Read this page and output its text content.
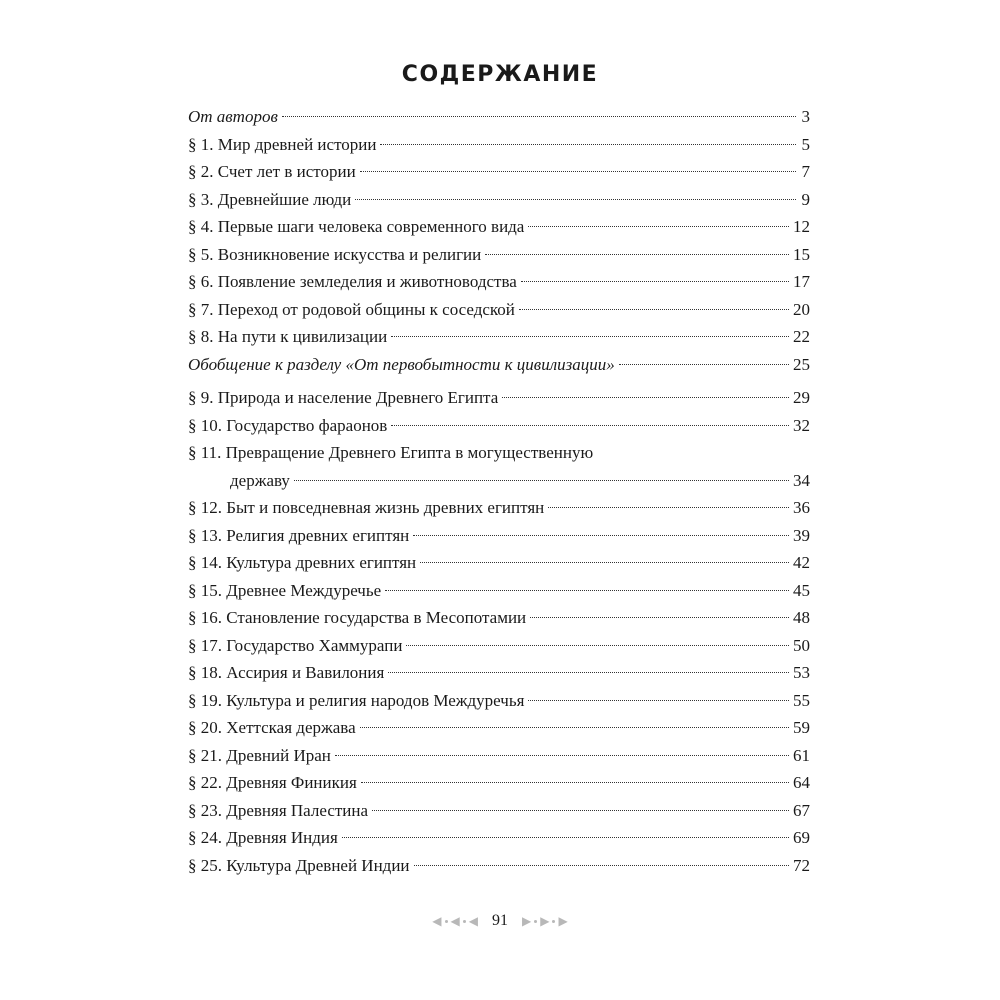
СОДЕРЖАНИЕ
От авторов	3
§ 1. Мир древней истории	5
§ 2. Счет лет в истории	7
§ 3. Древнейшие люди	9
§ 4. Первые шаги человека современного вида	12
§ 5. Возникновение искусства и религии	15
§ 6. Появление земледелия и животноводства	17
§ 7. Переход от родовой общины к соседской	20
§ 8. На пути к цивилизации	22
Обобщение к разделу «От первобытности к цивилизации»	25
§ 9. Природа и население Древнего Египта	29
§ 10. Государство фараонов	32
§ 11. Превращение Древнего Египта в могущественную
державу	34
§ 12. Быт и повседневная жизнь древних египтян	36
§ 13. Религия древних египтян	39
§ 14. Культура древних египтян	42
§ 15. Древнее Междуречье	45
§ 16. Становление государства в Месопотамии	48
§ 17. Государство Хаммурапи	50
§ 18. Ассирия и Вавилония	53
§ 19. Культура и религия народов Междуречья	55
§ 20. Хеттская держава	59
§ 21. Древний Иран	61
§ 22. Древняя Финикия	64
§ 23. Древняя Палестина	67
§ 24. Древняя Индия	69
§ 25. Культура Древней Индии	72
◀ ◀ ◀ 91 ▶ ▶ ▶
